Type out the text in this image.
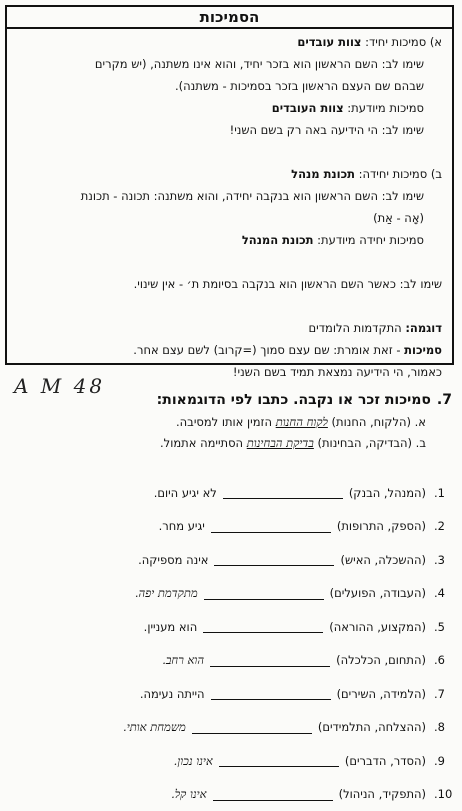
הסמיכות
א) סמיכות יחיד: צוות עובדים
שימו לב: השם הראשון הוא בזכר יחיד, והוא אינו משתנה, (יש מקרים
שבהם שם העצם הראשון בזכר בסמיכות - משתנה).
סמיכות מיודעת: צוות העובדים
שימו לב: הי הידיעה באה רק בשם השני!
ב) סמיכות יחידה: תכונת מנהל
שימו לב: השם הראשון הוא בנקבה יחידה, והוא משתנה: תכונה - תכונת
(אָה - אַת)
סמיכות יחידה מיודעת: תכונת המנהל
שימו לב: כאשר השם הראשון הוא בנקבה בסיומת ת׳ - אין שינוי.
דוגמה: התקדמות הלומדים
סמיכות - זאת אומרת: שם עצם סמוך (=קרוב) לשם עצם אחר.
כאמור, הי הידיעה נמצאת תמיד בשם השני!
A M 48
7.סמיכות זכר או נקבה. כתבו לפי הדוגמאות:
א. (הלקוח, החנות) לקוח החנות הזמין אותו למסיבה.
ב. (הבדיקה, הבחינות) בדיקת הבחינות הסתיימה אתמול.
1.
(המנהל, הבנק)
לא יגיע היום.
2.
(הספק, התרופות)
יגיע מחר.
3.
(ההשכלה, האיש)
אינה מספיקה.
4.
(העבודה, הפועלים)
מתקדמת יפה.
5.
(המקצוע, ההוראה)
הוא מעניין.
6.
(התחום, הכלכלה)
הוא רחב.
7.
(הלמידה, השירים)
הייתה נעימה.
8.
(ההצלחה, התלמידים)
משמחת אותי.
9.
(הסדר, הדברים)
אינו נכון.
10.
(התפקיד, הניהול)
אינו קל.
